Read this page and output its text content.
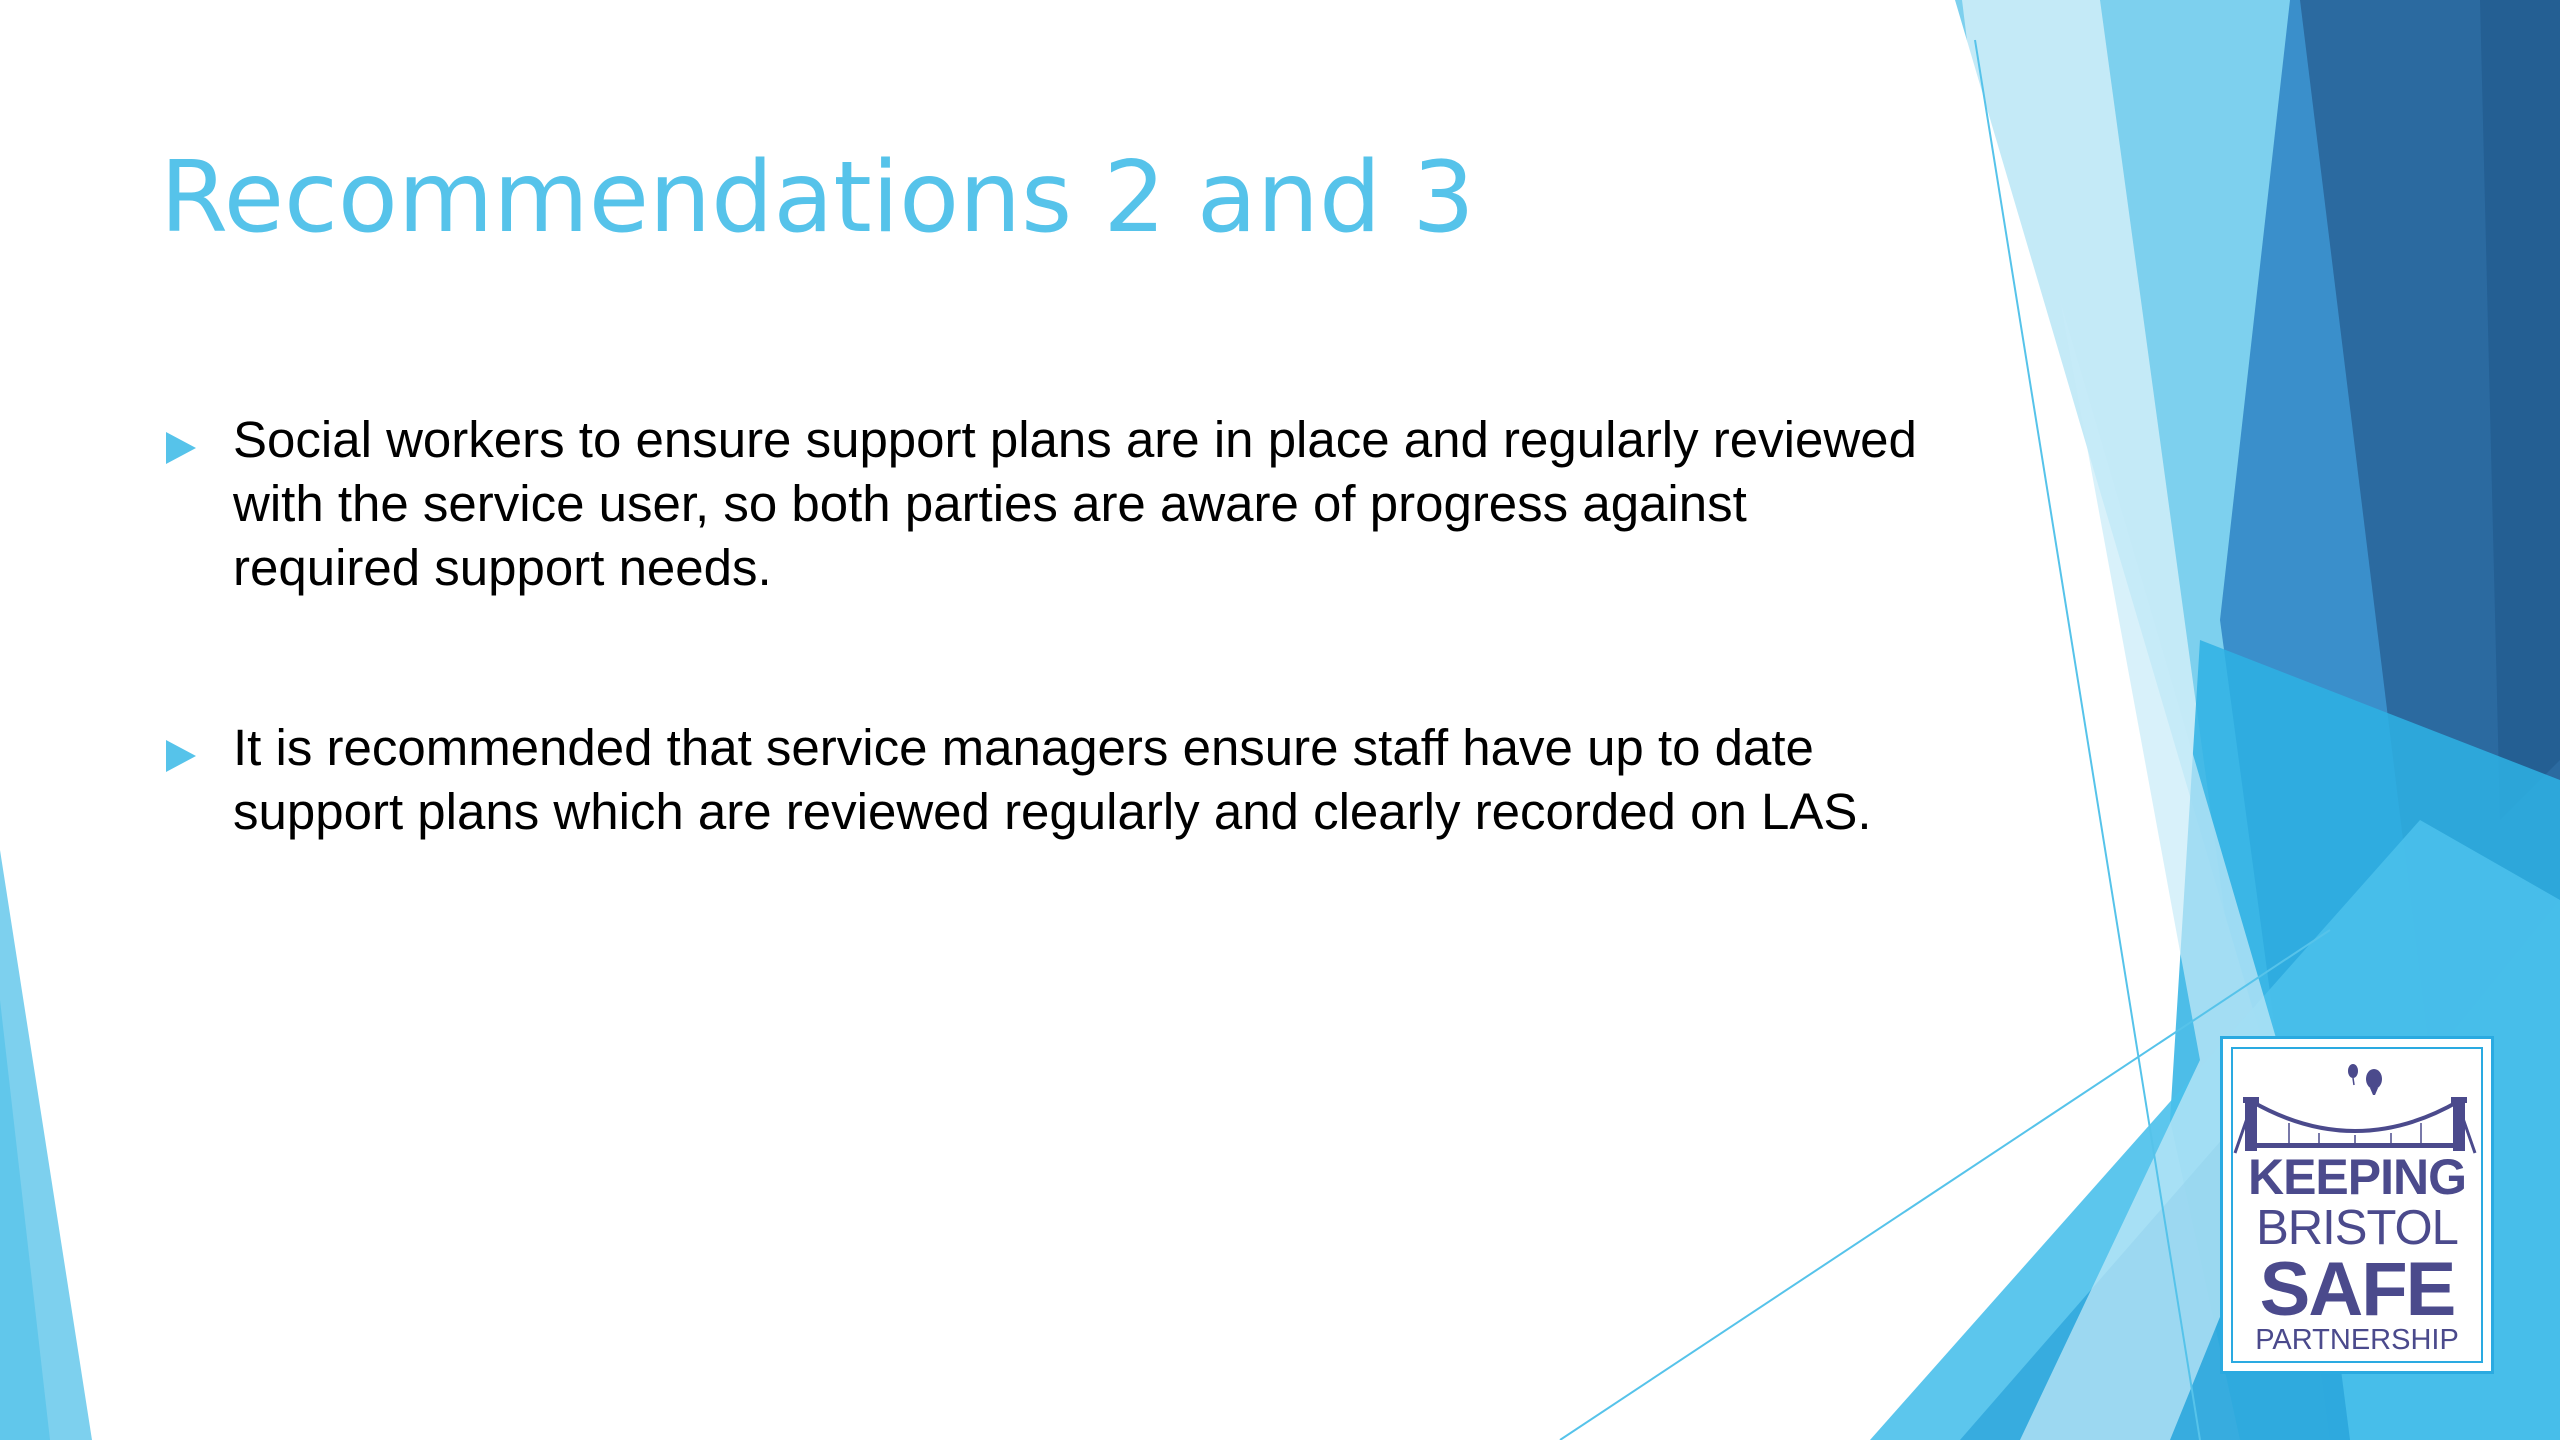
Recommendations 2 and 3
Social workers to ensure support plans are in place and regularly reviewed with the service user, so both parties are aware of progress against required support needs.
It is recommended that service managers ensure staff have up to date support plans which are reviewed regularly and clearly recorded on LAS.

KEEPING

BRISTOL

SAFE

PARTNERSHIP
